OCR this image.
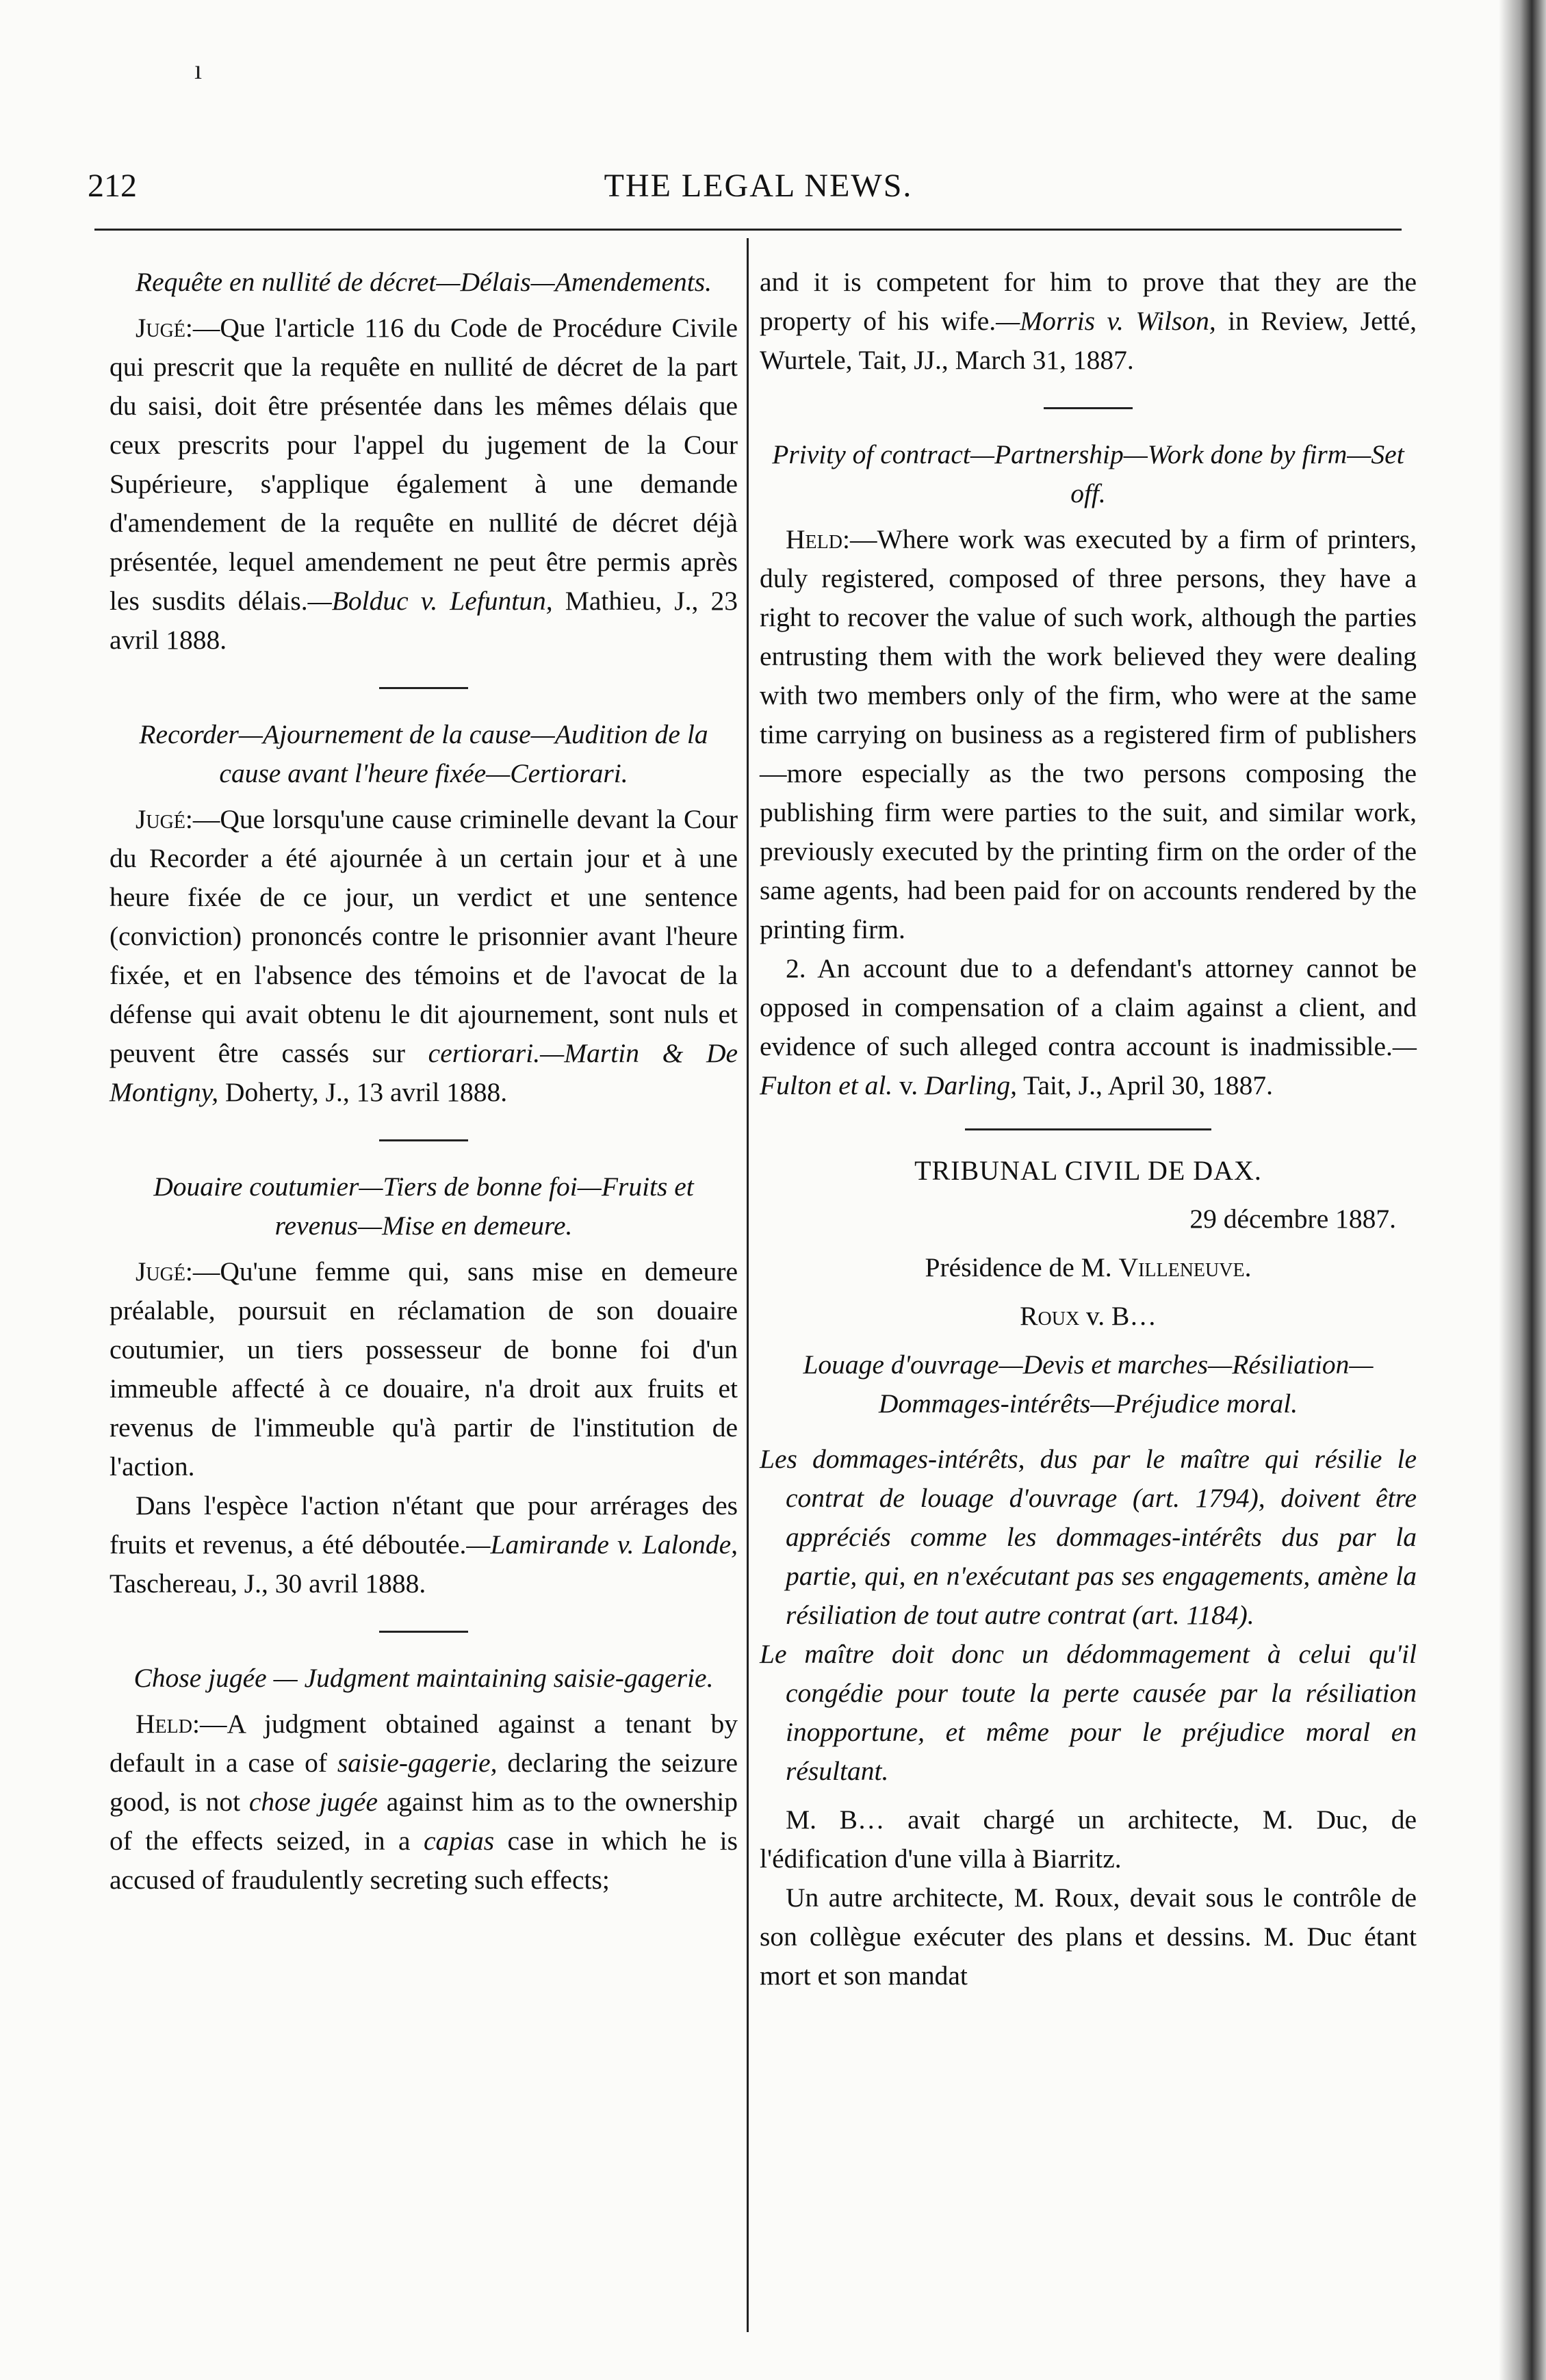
ı
212	THE LEGAL NEWS.

Requête en nullité de décret—Délais—Amendements.

Jugé:—Que l'article 116 du Code de Procédure Civile qui prescrit que la requête en nullité de décret de la part du saisi, doit être présentée dans les mêmes délais que ceux prescrits pour l'appel du jugement de la Cour Supérieure, s'applique également à une demande d'amendement de la requête en nullité de décret déjà présentée, lequel amendement ne peut être permis après les susdits délais.—Bolduc v. Lefuntun, Mathieu, J., 23 avril 1888.

Recorder—Ajournement de la cause—Audition de la cause avant l'heure fixée—Certiorari.

Jugé:—Que lorsqu'une cause criminelle devant la Cour du Recorder a été ajournée à un certain jour et à une heure fixée de ce jour, un verdict et une sentence (conviction) prononcés contre le prisonnier avant l'heure fixée, et en l'absence des témoins et de l'avocat de la défense qui avait obtenu le dit ajournement, sont nuls et peuvent être cassés sur certiorari.—Martin & De Montigny, Doherty, J., 13 avril 1888.

Douaire coutumier—Tiers de bonne foi—Fruits et revenus—Mise en demeure.

Jugé:—Qu'une femme qui, sans mise en demeure préalable, poursuit en réclamation de son douaire coutumier, un tiers possesseur de bonne foi d'un immeuble affecté à ce douaire, n'a droit aux fruits et revenus de l'immeuble qu'à partir de l'institution de l'action.

Dans l'espèce l'action n'étant que pour arrérages des fruits et revenus, a été déboutée.—Lamirande v. Lalonde, Taschereau, J., 30 avril 1888.

Chose jugée — Judgment maintaining saisie-gagerie.

Held:—A judgment obtained against a tenant by default in a case of saisie-gagerie, declaring the seizure good, is not chose jugée against him as to the ownership of the effects seized, in a capias case in which he is accused of fraudulently secreting such effects;

and it is competent for him to prove that they are the property of his wife.—Morris v. Wilson, in Review, Jetté, Wurtele, Tait, JJ., March 31, 1887.

Privity of contract—Partnership—Work done by firm—Set off.

Held:—Where work was executed by a firm of printers, duly registered, composed of three persons, they have a right to recover the value of such work, although the parties entrusting them with the work believed they were dealing with two members only of the firm, who were at the same time carrying on business as a registered firm of publishers—more especially as the two persons composing the publishing firm were parties to the suit, and similar work, previously executed by the printing firm on the order of the same agents, had been paid for on accounts rendered by the printing firm.

2. An account due to a defendant's attorney cannot be opposed in compensation of a claim against a client, and evidence of such alleged contra account is inadmissible.—Fulton et al. v. Darling, Tait, J., April 30, 1887.

TRIBUNAL CIVIL DE DAX.

29 décembre 1887.

Présidence de M. Villeneuve.

Roux v. B…

Louage d'ouvrage—Devis et marches—Résiliation—Dommages-intérêts—Préjudice moral.

Les dommages-intérêts, dus par le maître qui résilie le contrat de louage d'ouvrage (art. 1794), doivent être appréciés comme les dommages-intérêts dus par la partie, qui, en n'exécutant pas ses engagements, amène la résiliation de tout autre contrat (art. 1184).

Le maître doit donc un dédommagement à celui qu'il congédie pour toute la perte causée par la résiliation inopportune, et même pour le préjudice moral en résultant.

M. B… avait chargé un architecte, M. Duc, de l'édification d'une villa à Biarritz.

Un autre architecte, M. Roux, devait sous le contrôle de son collègue exécuter des plans et dessins. M. Duc étant mort et son mandat
